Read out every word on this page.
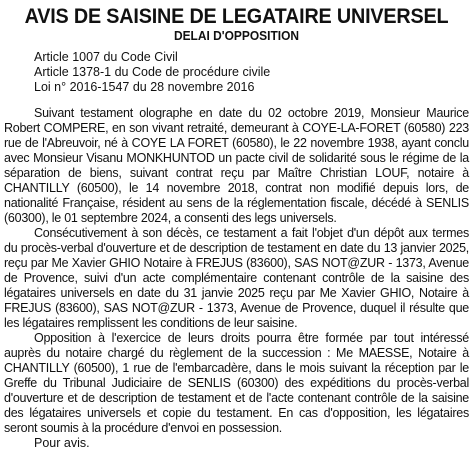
AVIS DE SAISINE DE LEGATAIRE UNIVERSEL
DELAI D'OPPOSITION
Article 1007 du Code Civil
Article 1378-1 du Code de procédure civile
Loi n° 2016-1547 du 28 novembre 2016

Suivant testament olographe en date du 02 octobre 2019, Monsieur Maurice Robert COMPERE, en son vivant retraité, demeurant à COYE-LA-FORET (60580) 223 rue de l'Abreuvoir, né à COYE LA FORET (60580), le 22 novembre 1938, ayant conclu avec Monsieur Visanu MONKHUNTOD un pacte civil de solidarité sous le régime de la séparation de biens, suivant contrat reçu par Maître Christian LOUF, notaire à CHANTILLY (60500), le 14 novembre 2018, contrat non modifié depuis lors, de nationalité Française, résident au sens de la réglementation fiscale, décédé à SENLIS (60300), le 01 septembre 2024, a consenti des legs universels.

Consécutivement à son décès, ce testament a fait l'objet d'un dépôt aux termes du procès-verbal d'ouverture et de description de testament en date du 13 janvier 2025, reçu par Me Xavier GHIO Notaire à FREJUS (83600), SAS NOT@ZUR - 1373, Avenue de Provence, suivi d'un acte complémentaire contenant contrôle de la saisine des légataires universels en date du 31 janvie 2025 reçu par Me Xavier GHIO, Notaire à FREJUS (83600), SAS NOT@ZUR - 1373, Avenue de Provence, duquel il résulte que les légataires remplissent les conditions de leur saisine.

Opposition à l'exercice de leurs droits pourra être formée par tout intéressé auprès du notaire chargé du règlement de la succession : Me MAESSE, Notaire à CHANTILLY (60500), 1 rue de l'embarcadère, dans le mois suivant la réception par le Greffe du Tribunal Judiciaire de SENLIS (60300) des expéditions du procès-verbal d'ouverture et de description de testament et de l'acte contenant contrôle de la saisine des légataires universels et copie du testament. En cas d'opposition, les légataires seront soumis à la procédure d'envoi en possession.

Pour avis.
